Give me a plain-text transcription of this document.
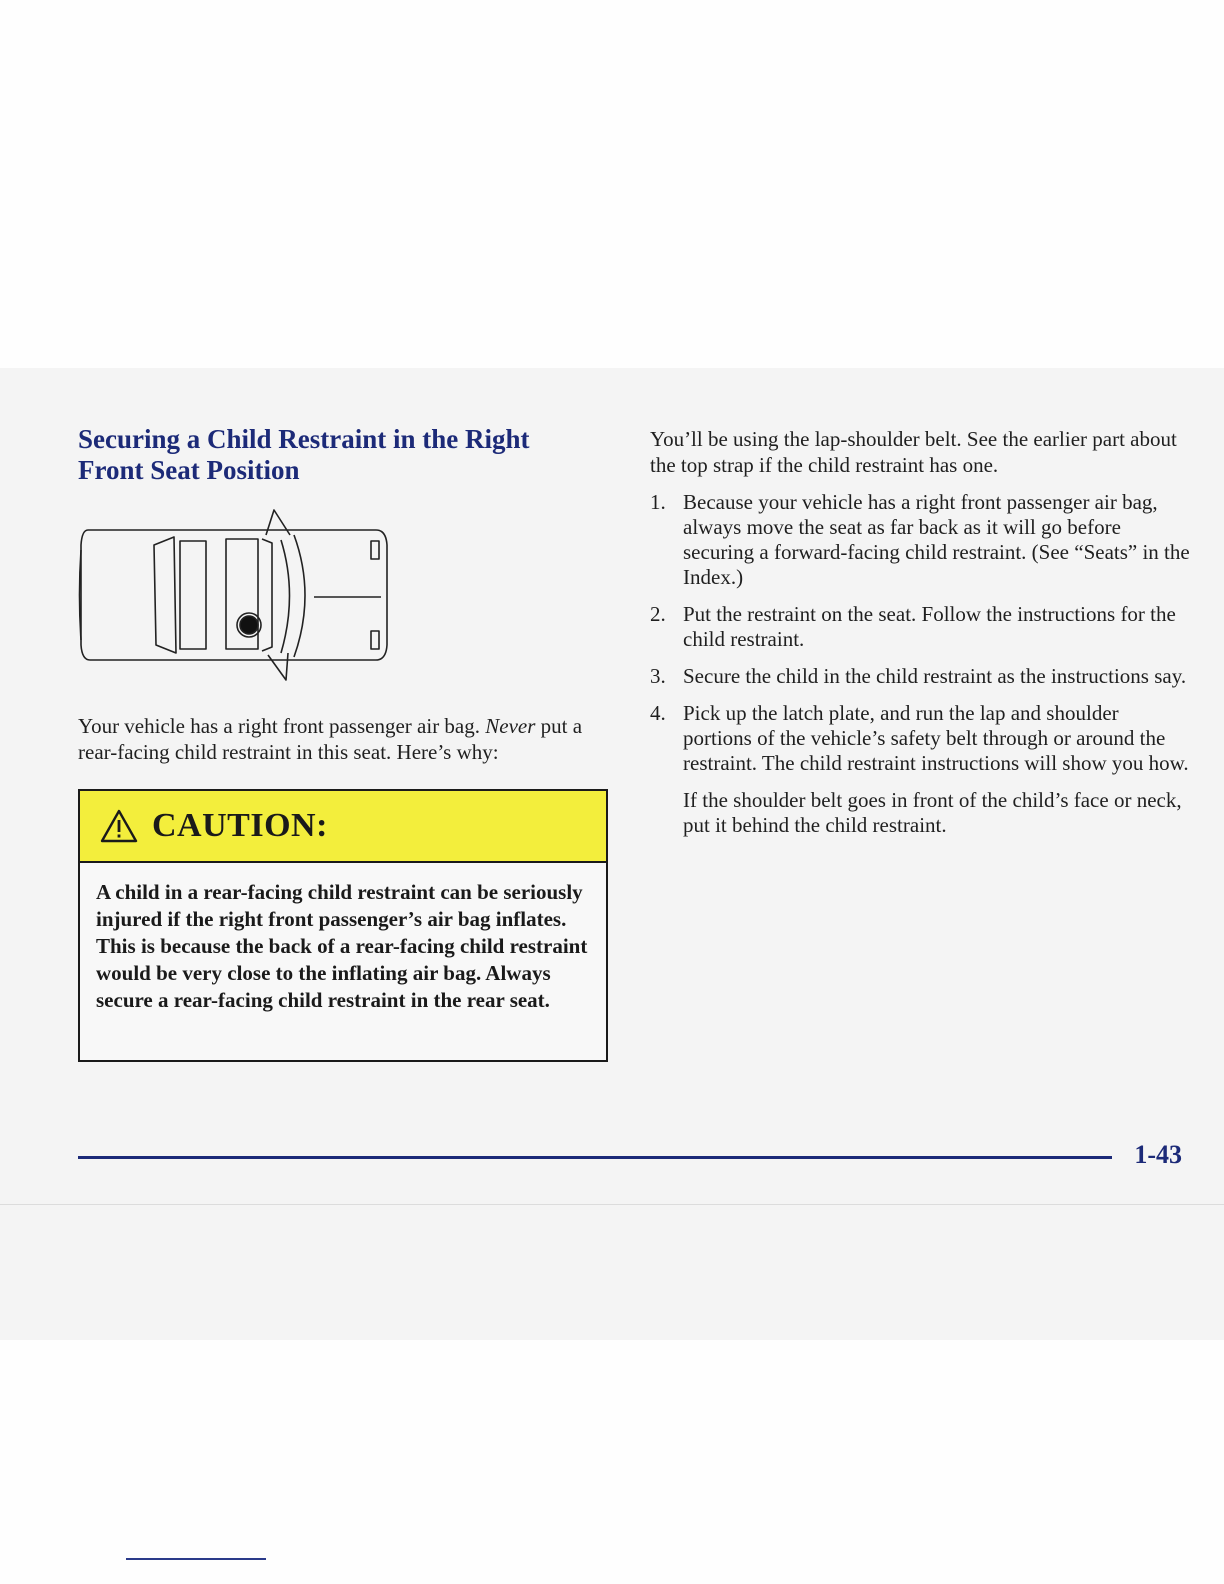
Securing a Child Restraint in the Right Front Seat Position

Your vehicle has a right front passenger air bag. Never put a rear-facing child restraint in this seat. Here’s why:

CAUTION:

A child in a rear-facing child restraint can be seriously injured if the right front passenger’s air bag inflates. This is because the back of a rear-facing child restraint would be very close to the inflating air bag. Always secure a rear-facing child restraint in the rear seat.

You’ll be using the lap-shoulder belt. See the earlier part about the top strap if the child restraint has one.

1. Because your vehicle has a right front passenger air bag, always move the seat as far back as it will go before securing a forward-facing child restraint. (See “Seats” in the Index.)
2. Put the restraint on the seat. Follow the instructions for the child restraint.
3. Secure the child in the child restraint as the instructions say.
4. Pick up the latch plate, and run the lap and shoulder portions of the vehicle’s safety belt through or around the restraint. The child restraint instructions will show you how.

If the shoulder belt goes in front of the child’s face or neck, put it behind the child restraint.

1-43
